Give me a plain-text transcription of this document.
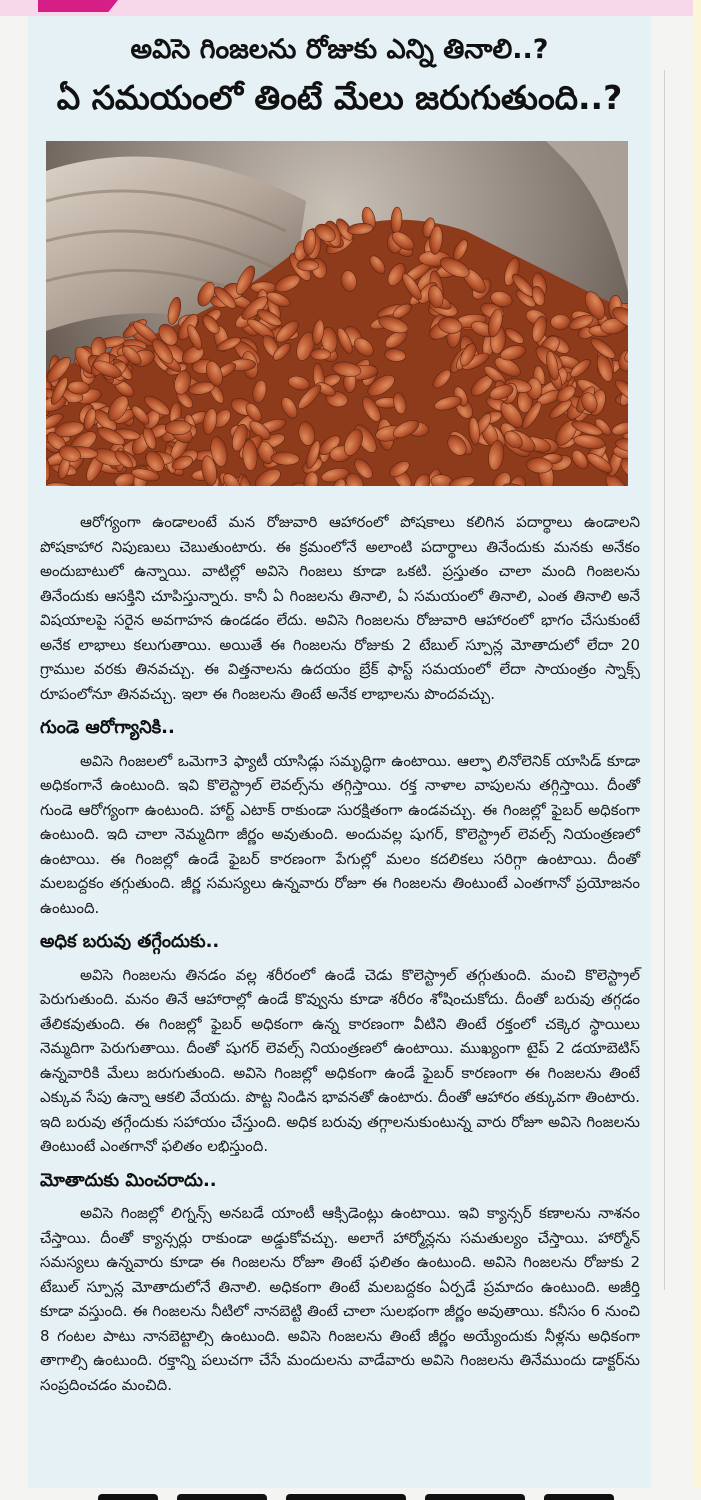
అవిసె గింజలను రోజుకు ఎన్ని తినాలి..?
ఏ సమయంలో తింటే మేలు జరుగుతుంది..?

ఆరోగ్యంగా ఉండాలంటే మన రోజువారి ఆహారంలో పోషకాలు కలిగిన పదార్థాలు ఉండాలని పోషకాహార నిపుణులు చెబుతుంటారు. ఈ క్రమంలోనే అలాంటి పదార్థాలు తినేందుకు మనకు అనేకం అందుబాటులో ఉన్నాయి. వాటిల్లో అవిసె గింజలు కూడా ఒకటి. ప్రస్తుతం చాలా మంది గింజలను తినేందుకు ఆసక్తిని చూపిస్తున్నారు. కానీ ఏ గింజలను తినాలి, ఏ సమయంలో తినాలి, ఎంత తినాలి అనే విషయాలపై సరైన అవగాహన ఉండడం లేదు. అవిసె గింజలను రోజువారి ఆహారంలో భాగం చేసుకుంటే అనేక లాభాలు కలుగుతాయి. అయితే ఈ గింజలను రోజుకు 2 టేబుల్ స్పూన్ల మోతాదులో లేదా 20 గ్రాముల వరకు తినవచ్చు. ఈ విత్తనాలను ఉదయం బ్రేక్ ఫాస్ట్ సమయంలో లేదా సాయంత్రం స్నాక్స్ రూపంలోనూ తినవచ్చు. ఇలా ఈ గింజలను తింటే అనేక లాభాలను పొందవచ్చు.

గుండె ఆరోగ్యానికి..

అవిసె గింజలలో ఒమెగా3 ఫ్యాటీ యాసిడ్లు సమృద్ధిగా ఉంటాయి. ఆల్ఫా లినోలెనిక్ యాసిడ్ కూడా అధికంగానే ఉంటుంది. ఇవి కొలెస్ట్రాల్ లెవల్స్‌ను తగ్గిస్తాయి. రక్త నాళాల వాపులను తగ్గిస్తాయి. దీంతో గుండె ఆరోగ్యంగా ఉంటుంది. హార్ట్ ఎటాక్ రాకుండా సురక్షితంగా ఉండవచ్చు. ఈ గింజల్లో ఫైబర్ అధికంగా ఉంటుంది. ఇది చాలా నెమ్మదిగా జీర్ణం అవుతుంది. అందువల్ల షుగర్, కొలెస్ట్రాల్ లెవల్స్ నియంత్రణలో ఉంటాయి. ఈ గింజల్లో ఉండే ఫైబర్ కారణంగా పేగుల్లో మలం కదలికలు సరిగ్గా ఉంటాయి. దీంతో మలబద్దకం తగ్గుతుంది. జీర్ణ సమస్యలు ఉన్నవారు రోజూ ఈ గింజలను తింటుంటే ఎంతగానో ప్రయోజనం ఉంటుంది.

అధిక బరువు తగ్గేందుకు..

అవిసె గింజలను తినడం వల్ల శరీరంలో ఉండే చెడు కొలెస్ట్రాల్ తగ్గుతుంది. మంచి కొలెస్ట్రాల్ పెరుగుతుంది. మనం తినే ఆహారాల్లో ఉండే కొవ్వును కూడా శరీరం శోషించుకోదు. దీంతో బరువు తగ్గడం తేలికవుతుంది. ఈ గింజల్లో ఫైబర్ అధికంగా ఉన్న కారణంగా వీటిని తింటే రక్తంలో చక్కెర స్థాయిలు నెమ్మదిగా పెరుగుతాయి. దీంతో షుగర్ లెవల్స్ నియంత్రణలో ఉంటాయి. ముఖ్యంగా టైప్ 2 డయాబెటిస్ ఉన్నవారికి మేలు జరుగుతుంది. అవిసె గింజల్లో అధికంగా ఉండే ఫైబర్ కారణంగా ఈ గింజలను తింటే ఎక్కువ సేపు ఉన్నా ఆకలి వేయదు. పొట్ట నిండిన భావనతో ఉంటారు. దీంతో ఆహారం తక్కువగా తింటారు. ఇది బరువు తగ్గేందుకు సహాయం చేస్తుంది. అధిక బరువు తగ్గాలనుకుంటున్న వారు రోజూ అవిసె గింజలను తింటుంటే ఎంతగానో ఫలితం లభిస్తుంది.

మోతాదుకు మించరాదు..

అవిసె గింజల్లో లిగ్నన్స్ అనబడే యాంటీ ఆక్సిడెంట్లు ఉంటాయి. ఇవి క్యాన్సర్ కణాలను నాశనం చేస్తాయి. దీంతో క్యాన్సర్లు రాకుండా అడ్డుకోవచ్చు. అలాగే హార్మోన్లను సమతుల్యం చేస్తాయి. హార్మోన్ సమస్యలు ఉన్నవారు కూడా ఈ గింజలను రోజూ తింటే ఫలితం ఉంటుంది. అవిసె గింజలను రోజుకు 2 టేబుల్ స్పూన్ల మోతాదులోనే తినాలి. అధికంగా తింటే మలబద్దకం ఏర్పడే ప్రమాదం ఉంటుంది. అజీర్తి కూడా వస్తుంది. ఈ గింజలను నీటిలో నానబెట్టి తింటే చాలా సులభంగా జీర్ణం అవుతాయి. కనీసం 6 నుంచి 8 గంటల పాటు నానబెట్టాల్సి ఉంటుంది. అవిసె గింజలను తింటే జీర్ణం అయ్యేందుకు నీళ్లను అధికంగా తాగాల్సి ఉంటుంది. రక్తాన్ని పలుచగా చేసే మందులను వాడేవారు అవిసె గింజలను తినేముందు డాక్టర్‌ను సంప్రదించడం మంచిది.
